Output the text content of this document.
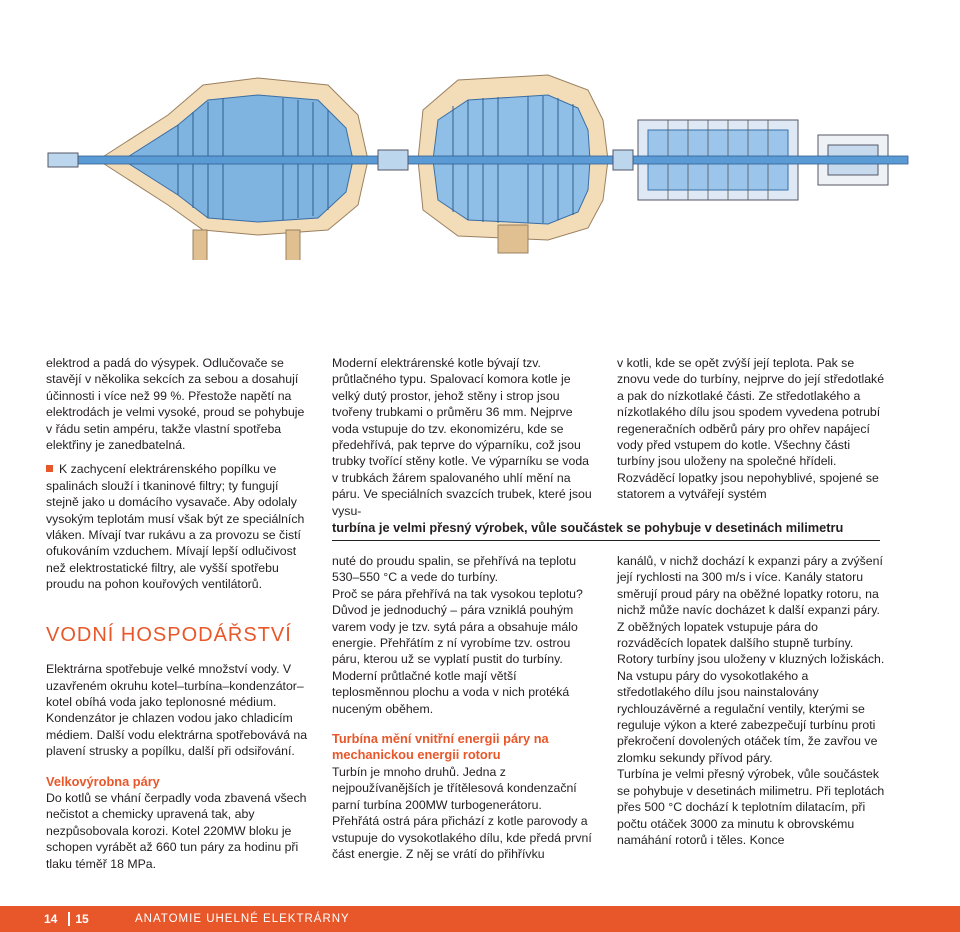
elektrod a padá do výsypek. Odlučovače se stavějí v několika sekcích za sebou a dosahují účinnosti i více než 99 %. Přestože napětí na elektrodách je velmi vysoké, proud se pohybuje v řádu setin ampéru, takže vlastní spotřeba elektřiny je zanedbatelná.

K zachycení elektrárenského popílku ve spalinách slouží i tkaninové filtry; ty fungují stejně jako u domácího vysavače. Aby odolaly vysokým teplotám musí však být ze speciálních vláken. Mívají tvar rukávu a za provozu se čistí ofukováním vzduchem. Mívají lepší odlučivost než elektrostatické filtry, ale vyšší spotřebu proudu na pohon kouřových ventilátorů.

VODNÍ HOSPODÁŘSTVÍ

Elektrárna spotřebuje velké množství vody. V uzavřeném okruhu kotel–turbína–kondenzátor–kotel obíhá voda jako teplonosné médium. Kondenzátor je chlazen vodou jako chladicím médiem. Další vodu elektrárna spotřebovává na plavení strusky a popílku, další při odsiřování.

Velkovýrobna páry

Do kotlů se vhání čerpadly voda zbavená všech nečistot a chemicky upravená tak, aby nezpůsobovala korozi. Kotel 220MW bloku je schopen vyrábět až 660 tun páry za hodinu při tlaku téměř 18 MPa.

Moderní elektrárenské kotle bývají tzv. průtlačného typu. Spalovací komora kotle je velký dutý prostor, jehož stěny i strop jsou tvořeny trubkami o průměru 36 mm. Nejprve voda vstupuje do tzv. ekonomizéru, kde se předehřívá, pak teprve do výparníku, což jsou trubky tvořící stěny kotle. Ve výparníku se voda v trubkách žárem spalovaného uhlí mění na páru. Ve speciálních svazcích trubek, které jsou vysu-

v kotli, kde se opět zvýší její teplota. Pak se znovu vede do turbíny, nejprve do její středotlaké a pak do nízkotlaké části. Ze středotlakého a nízkotlakého dílu jsou spodem vyvedena potrubí regeneračních odběrů páry pro ohřev napájecí vody před vstupem do kotle. Všechny části turbíny jsou uloženy na společné hřídeli. Rozváděcí lopatky jsou nepohyblivé, spojené se statorem a vytvářejí systém

turbína je velmi přesný výrobek, vůle součástek se pohybuje v desetinách milimetru

nuté do proudu spalin, se přehřívá na teplotu 530–550 °C a vede do turbíny.

Proč se pára přehřívá na tak vysokou teplotu? Důvod je jednoduchý – pára vzniklá pouhým varem vody je tzv. sytá pára a obsahuje málo energie. Přehřátím z ní vyrobíme tzv. ostrou páru, kterou už se vyplatí pustit do turbíny. Moderní průtlačné kotle mají větší teplosměnnou plochu a voda v nich protéká nuceným oběhem.

Turbína mění vnitřní energii páry na mechanickou energii rotoru

Turbín je mnoho druhů. Jedna z nejpoužívanějších je třítělesová kondenzační parní turbína 200MW turbogenerátoru.

Přehřátá ostrá pára přichází z kotle parovody a vstupuje do vysokotlakého dílu, kde předá první část energie. Z něj se vrátí do přihřívku

kanálů, v nichž dochází k expanzi páry a zvýšení její rychlosti na 300 m/s i více. Kanály statoru směrují proud páry na oběžné lopatky rotoru, na nichž může navíc docházet k další expanzi páry. Z oběžných lopatek vstupuje pára do rozváděcích lopatek dalšího stupně turbíny. Rotory turbíny jsou uloženy v kluzných ložiskách.

Na vstupu páry do vysokotlakého a středotlakého dílu jsou nainstalovány rychlouzávěrné a regulační ventily, kterými se reguluje výkon a které zabezpečují turbínu proti překročení dovolených otáček tím, že zavřou ve zlomku sekundy přívod páry.

Turbína je velmi přesný výrobek, vůle součástek se pohybuje v desetinách milimetru. Při teplotách přes 500 °C dochází k teplotním dilatacím, při počtu otáček 3000 za minutu k obrovskému namáhání rotorů i těles. Konce

14 15	ANATOMIE UHELNÉ ELEKTRÁRNY
